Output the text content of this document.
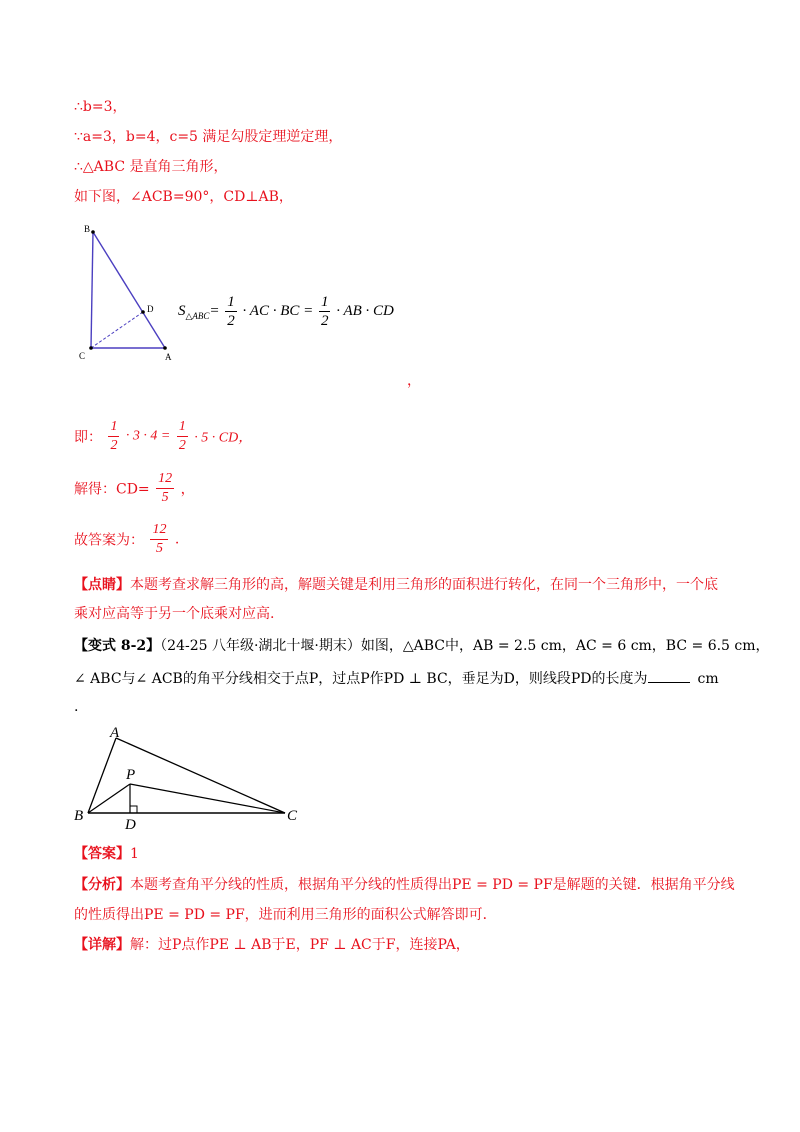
∴b=3，
∵a=3，b=4，c=5 满足勾股定理逆定理，
∴△ABC 是直角三角形，
如下图，∠ACB=90°，CD⊥AB，
B
D
C	A
$S_{\triangle ABC}= \frac{1}{2}$ · AC · BC = $\frac{1}{2}$ · AB · CD
，
即： $\frac{1}{2} \cdot 3 \cdot 4 = \frac{1}{2} \cdot 5$ · CD，
解得：$CD= \frac{12}{5}$ ，
故答案为： $\frac{12}{5}$ .
【点睛】本题考查求解三角形的高，解题关键是利用三角形的面积进行转化，在同一个三角形中，一个底
乘对应高等于另一个底乘对应高.
【变式 8-2】（24-25 八年级·湖北十堰·期末）如图，△ABC中，AB = 2.5 cm，AC = 6 cm，BC = 6.5 cm，
∠ ABC与∠ ACB的角平分线相交于点P，过点P作PD ⊥ BC，垂足为D，则线段PD的长度为	cm
.
A
P
B
D
C
【答案】1
【分析】本题考查角平分线的性质，根据角平分线的性质得出PE = PD = PF是解题的关键．根据角平分线
的性质得出PE = PD = PF，进而利用三角形的面积公式解答即可．
【详解】解：过P点作PE ⊥ AB于E，PF ⊥ AC于F，连接PA，
